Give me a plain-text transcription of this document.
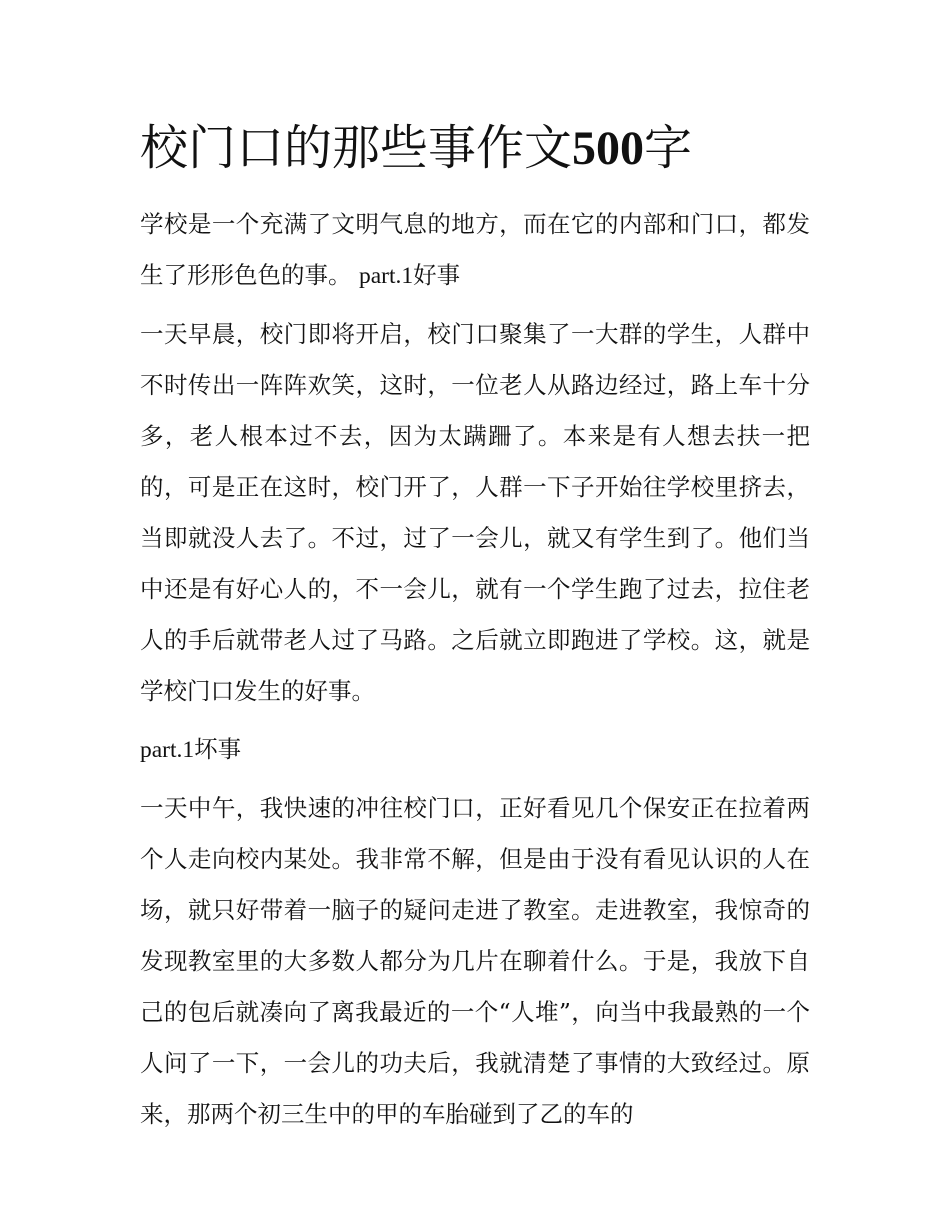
校门口的那些事作文500字

学校是一个充满了文明气息的地方，而在它的内部和门口，都发生了形形色色的事。 part.1好事

一天早晨，校门即将开启，校门口聚集了一大群的学生，人群中不时传出一阵阵欢笑，这时，一位老人从路边经过，路上车十分多，老人根本过不去，因为太蹒跚了。本来是有人想去扶一把的，可是正在这时，校门开了，人群一下子开始往学校里挤去，当即就没人去了。不过，过了一会儿，就又有学生到了。他们当中还是有好心人的，不一会儿，就有一个学生跑了过去，拉住老人的手后就带老人过了马路。之后就立即跑进了学校。这，就是学校门口发生的好事。

part.1坏事

一天中午，我快速的冲往校门口，正好看见几个保安正在拉着两个人走向校内某处。我非常不解，但是由于没有看见认识的人在场，就只好带着一脑子的疑问走进了教室。走进教室，我惊奇的发现教室里的大多数人都分为几片在聊着什么。于是，我放下自己的包后就凑向了离我最近的一个“人堆”，向当中我最熟的一个人问了一下，一会儿的功夫后，我就清楚了事情的大致经过。原来，那两个初三生中的甲的车胎碰到了乙的车的
